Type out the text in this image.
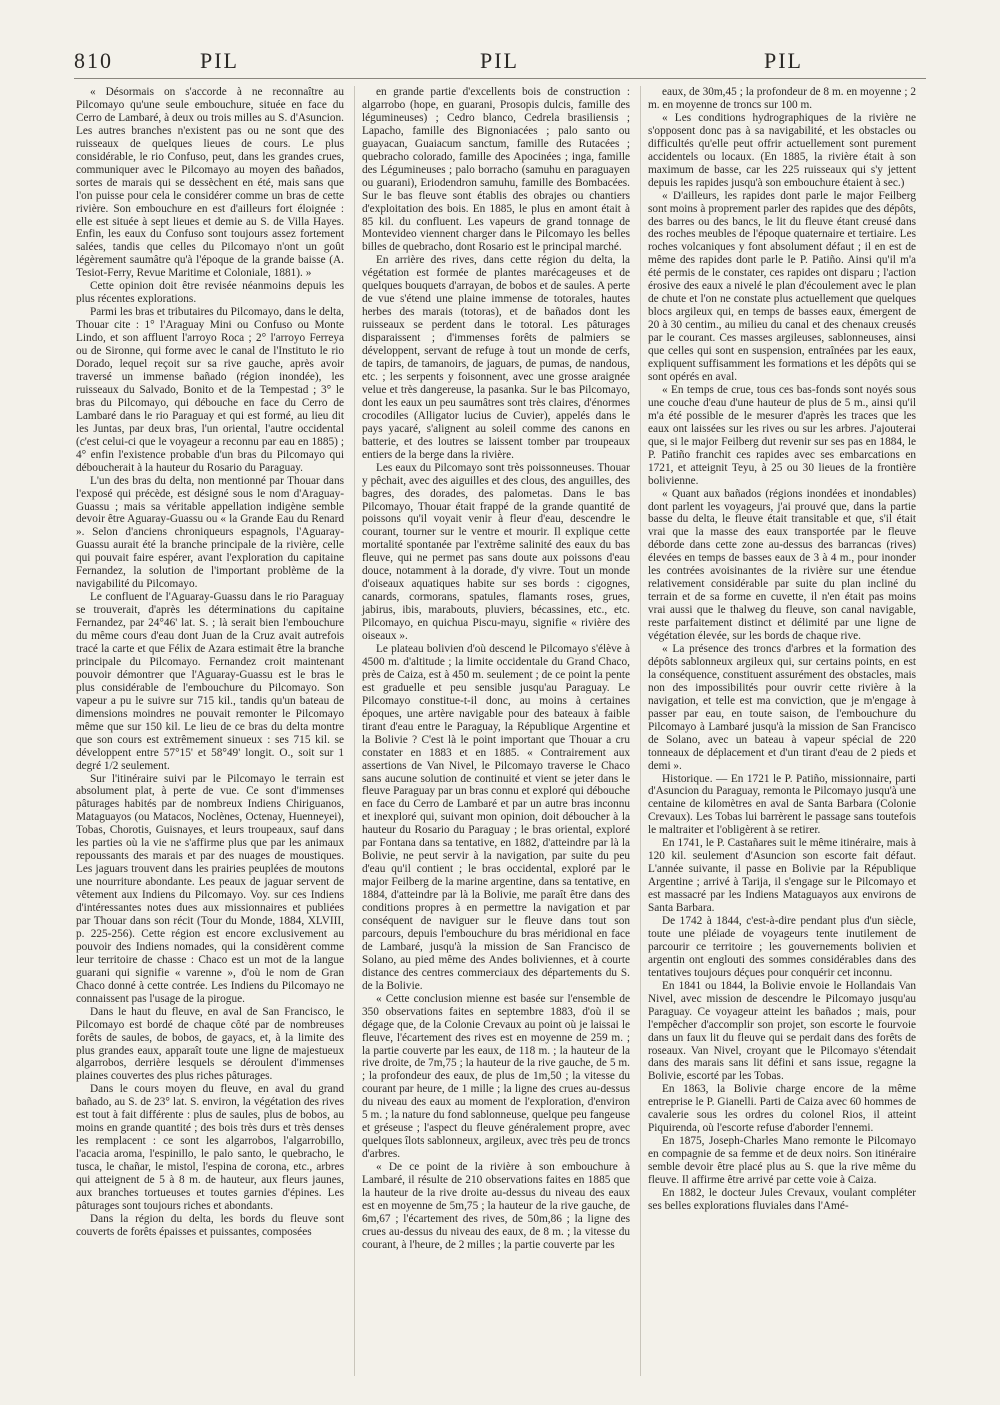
810	PIL	PIL	PIL

« Désormais on s'accorde à ne reconnaître au Pilcomayo qu'une seule embouchure, située en face du Cerro de Lambaré, à deux ou trois milles au S. d'Asuncion. Les autres branches n'existent pas ou ne sont que des ruisseaux de quelques lieues de cours. Le plus considérable, le rio Confuso, peut, dans les grandes crues, communiquer avec le Pilcomayo au moyen des bañados, sortes de marais qui se dessèchent en été, mais sans que l'on puisse pour cela le considérer comme un bras de cette rivière. Son embouchure en est d'ailleurs fort éloignée : elle est située à sept lieues et demie au S. de Villa Hayes. Enfin, les eaux du Confuso sont toujours assez fortement salées, tandis que celles du Pilcomayo n'ont un goût légèrement saumâtre qu'à l'époque de la grande baisse (A. Tesiot-Ferry, Revue Maritime et Coloniale, 1881). »

Cette opinion doit être revisée néanmoins depuis les plus récentes explorations.

Parmi les bras et tributaires du Pilcomayo, dans le delta, Thouar cite : 1° l'Araguay Mini ou Confuso ou Monte Lindo, et son affluent l'arroyo Roca ; 2° l'arroyo Ferreya ou de Sironne, qui forme avec le canal de l'Instituto le rio Dorado, lequel reçoit sur sa rive gauche, après avoir traversé un immense bañado (région inondée), les ruisseaux du Salvado, Bonito et de la Tempestad ; 3° le bras du Pilcomayo, qui débouche en face du Cerro de Lambaré dans le rio Paraguay et qui est formé, au lieu dit les Juntas, par deux bras, l'un oriental, l'autre occidental (c'est celui-ci que le voyageur a reconnu par eau en 1885) ; 4° enfin l'existence probable d'un bras du Pilcomayo qui déboucherait à la hauteur du Rosario du Paraguay.

L'un des bras du delta, non mentionné par Thouar dans l'exposé qui précède, est désigné sous le nom d'Araguay-Guassu ; mais sa véritable appellation indigène semble devoir être Aguaray-Guassu ou « la Grande Eau du Renard ». Selon d'anciens chroniqueurs espagnols, l'Aguaray-Guassu aurait été la branche principale de la rivière, celle qui pouvait faire espérer, avant l'exploration du capitaine Fernandez, la solution de l'important problème de la navigabilité du Pilcomayo.

Le confluent de l'Aguaray-Guassu dans le rio Paraguay se trouverait, d'après les déterminations du capitaine Fernandez, par 24°46' lat. S. ; là serait bien l'embouchure du même cours d'eau dont Juan de la Cruz avait autrefois tracé la carte et que Félix de Azara estimait être la branche principale du Pilcomayo. Fernandez croit maintenant pouvoir démontrer que l'Aguaray-Guassu est le bras le plus considérable de l'embouchure du Pilcomayo. Son vapeur a pu le suivre sur 715 kil., tandis qu'un bateau de dimensions moindres ne pouvait remonter le Pilcomayo même que sur 150 kil. Le lieu de ce bras du delta montre que son cours est extrêmement sinueux : ses 715 kil. se développent entre 57°15' et 58°49' longit. O., soit sur 1 degré 1/2 seulement.

Sur l'itinéraire suivi par le Pilcomayo le terrain est absolument plat, à perte de vue. Ce sont d'immenses pâturages habités par de nombreux Indiens Chiriguanos, Mataguayos (ou Matacos, Noclènes, Octenay, Huenneyei), Tobas, Chorotis, Guisnayes, et leurs troupeaux, sauf dans les parties où la vie ne s'affirme plus que par les animaux repoussants des marais et par des nuages de moustiques. Les jaguars trouvent dans les prairies peuplées de moutons une nourriture abondante. Les peaux de jaguar servent de vêtement aux Indiens du Pilcomayo. Voy. sur ces Indiens d'intéressantes notes dues aux missionnaires et publiées par Thouar dans son récit (Tour du Monde, 1884, XLVIII, p. 225-256). Cette région est encore exclusivement au pouvoir des Indiens nomades, qui la considèrent comme leur territoire de chasse : Chaco est un mot de la langue guarani qui signifie « varenne », d'où le nom de Gran Chaco donné à cette contrée. Les Indiens du Pilcomayo ne connaissent pas l'usage de la pirogue.

Dans le haut du fleuve, en aval de San Francisco, le Pilcomayo est bordé de chaque côté par de nombreuses forêts de saules, de bobos, de gayacs, et, à la limite des plus grandes eaux, apparaît toute une ligne de majestueux algarrobos, derrière lesquels se déroulent d'immenses plaines couvertes des plus riches pâturages.

Dans le cours moyen du fleuve, en aval du grand bañado, au S. de 23° lat. S. environ, la végétation des rives est tout à fait différente : plus de saules, plus de bobos, au moins en grande quantité ; des bois très durs et très denses les remplacent : ce sont les algarrobos, l'algarrobillo, l'acacia aroma, l'espinillo, le palo santo, le quebracho, le tusca, le chañar, le mistol, l'espina de corona, etc., arbres qui atteignent de 5 à 8 m. de hauteur, aux fleurs jaunes, aux branches tortueuses et toutes garnies d'épines. Les pâturages sont toujours riches et abondants.

Dans la région du delta, les bords du fleuve sont couverts de forêts épaisses et puissantes, composées

en grande partie d'excellents bois de construction : algarrobo (hope, en guarani, Prosopis dulcis, famille des légumineuses) ; Cedro blanco, Cedrela brasiliensis ; Lapacho, famille des Bignoniacées ; palo santo ou guayacan, Guaiacum sanctum, famille des Rutacées ; quebracho colorado, famille des Apocinées ; inga, famille des Légumineuses ; palo borracho (samuhu en paraguayen ou guarani), Eriodendron samuhu, famille des Bombacées. Sur le bas fleuve sont établis des obrajes ou chantiers d'exploitation des bois. En 1885, le plus en amont était à 85 kil. du confluent. Les vapeurs de grand tonnage de Montevideo viennent charger dans le Pilcomayo les belles billes de quebracho, dont Rosario est le principal marché.

En arrière des rives, dans cette région du delta, la végétation est formée de plantes marécageuses et de quelques bouquets d'arrayan, de bobos et de saules. A perte de vue s'étend une plaine immense de totorales, hautes herbes des marais (totoras), et de bañados dont les ruisseaux se perdent dans le totoral. Les pâturages disparaissent ; d'immenses forêts de palmiers se développent, servant de refuge à tout un monde de cerfs, de tapirs, de tamanoirs, de jaguars, de pumas, de nandous, etc. ; les serpents y foisonnent, avec une grosse araignée velue et très dangereuse, la pasanka. Sur le bas Pilcomayo, dont les eaux un peu saumâtres sont très claires, d'énormes crocodiles (Alligator lucius de Cuvier), appelés dans le pays yacaré, s'alignent au soleil comme des canons en batterie, et des loutres se laissent tomber par troupeaux entiers de la berge dans la rivière.

Les eaux du Pilcomayo sont très poissonneuses. Thouar y pêchait, avec des aiguilles et des clous, des anguilles, des bagres, des dorades, des palometas. Dans le bas Pilcomayo, Thouar était frappé de la grande quantité de poissons qu'il voyait venir à fleur d'eau, descendre le courant, tourner sur le ventre et mourir. Il explique cette mortalité spontanée par l'extrême salinité des eaux du bas fleuve, qui ne permet pas sans doute aux poissons d'eau douce, notamment à la dorade, d'y vivre. Tout un monde d'oiseaux aquatiques habite sur ses bords : cigognes, canards, cormorans, spatules, flamants roses, grues, jabirus, ibis, marabouts, pluviers, bécassines, etc., etc. Pilcomayo, en quichua Piscu-mayu, signifie « rivière des oiseaux ».

Le plateau bolivien d'où descend le Pilcomayo s'élève à 4500 m. d'altitude ; la limite occidentale du Grand Chaco, près de Caiza, est à 450 m. seulement ; de ce point la pente est graduelle et peu sensible jusqu'au Paraguay. Le Pilcomayo constitue-t-il donc, au moins à certaines époques, une artère navigable pour des bateaux à faible tirant d'eau entre le Paraguay, la République Argentine et la Bolivie ? C'est là le point important que Thouar a cru constater en 1883 et en 1885. « Contrairement aux assertions de Van Nivel, le Pilcomayo traverse le Chaco sans aucune solution de continuité et vient se jeter dans le fleuve Paraguay par un bras connu et exploré qui débouche en face du Cerro de Lambaré et par un autre bras inconnu et inexploré qui, suivant mon opinion, doit déboucher à la hauteur du Rosario du Paraguay ; le bras oriental, exploré par Fontana dans sa tentative, en 1882, d'atteindre par là la Bolivie, ne peut servir à la navigation, par suite du peu d'eau qu'il contient ; le bras occidental, exploré par le major Feilberg de la marine argentine, dans sa tentative, en 1884, d'atteindre par là la Bolivie, me paraît être dans des conditions propres à en permettre la navigation et par conséquent de naviguer sur le fleuve dans tout son parcours, depuis l'embouchure du bras méridional en face de Lambaré, jusqu'à la mission de San Francisco de Solano, au pied même des Andes boliviennes, et à courte distance des centres commerciaux des départements du S. de la Bolivie.

« Cette conclusion mienne est basée sur l'ensemble de 350 observations faites en septembre 1883, d'où il se dégage que, de la Colonie Crevaux au point où je laissai le fleuve, l'écartement des rives est en moyenne de 259 m. ; la partie couverte par les eaux, de 118 m. ; la hauteur de la rive droite, de 7m,75 ; la hauteur de la rive gauche, de 5 m. ; la profondeur des eaux, de plus de 1m,50 ; la vitesse du courant par heure, de 1 mille ; la ligne des crues au-dessus du niveau des eaux au moment de l'exploration, d'environ 5 m. ; la nature du fond sablonneuse, quelque peu fangeuse et gréseuse ; l'aspect du fleuve généralement propre, avec quelques îlots sablonneux, argileux, avec très peu de troncs d'arbres.

« De ce point de la rivière à son embouchure à Lambaré, il résulte de 210 observations faites en 1885 que la hauteur de la rive droite au-dessus du niveau des eaux est en moyenne de 5m,75 ; la hauteur de la rive gauche, de 6m,67 ; l'écartement des rives, de 50m,86 ; la ligne des crues au-dessus du niveau des eaux, de 8 m. ; la vitesse du courant, à l'heure, de 2 milles ; la partie couverte par les

eaux, de 30m,45 ; la profondeur de 8 m. en moyenne ; 2 m. en moyenne de troncs sur 100 m.

« Les conditions hydrographiques de la rivière ne s'opposent donc pas à sa navigabilité, et les obstacles ou difficultés qu'elle peut offrir actuellement sont purement accidentels ou locaux. (En 1885, la rivière était à son maximum de basse, car les 225 ruisseaux qui s'y jettent depuis les rapides jusqu'à son embouchure étaient à sec.)

« D'ailleurs, les rapides dont parle le major Feilberg sont moins à proprement parler des rapides que des dépôts, des barres ou des bancs, le lit du fleuve étant creusé dans des roches meubles de l'époque quaternaire et tertiaire. Les roches volcaniques y font absolument défaut ; il en est de même des rapides dont parle le P. Patiño. Ainsi qu'il m'a été permis de le constater, ces rapides ont disparu ; l'action érosive des eaux a nivelé le plan d'écoulement avec le plan de chute et l'on ne constate plus actuellement que quelques blocs argileux qui, en temps de basses eaux, émergent de 20 à 30 centim., au milieu du canal et des chenaux creusés par le courant. Ces masses argileuses, sablonneuses, ainsi que celles qui sont en suspension, entraînées par les eaux, expliquent suffisamment les formations et les dépôts qui se sont opérés en aval.

« En temps de crue, tous ces bas-fonds sont noyés sous une couche d'eau d'une hauteur de plus de 5 m., ainsi qu'il m'a été possible de le mesurer d'après les traces que les eaux ont laissées sur les rives ou sur les arbres. J'ajouterai que, si le major Feilberg dut revenir sur ses pas en 1884, le P. Patiño franchit ces rapides avec ses embarcations en 1721, et atteignit Teyu, à 25 ou 30 lieues de la frontière bolivienne.

« Quant aux bañados (régions inondées et inondables) dont parlent les voyageurs, j'ai prouvé que, dans la partie basse du delta, le fleuve était transitable et que, s'il était vrai que la masse des eaux transportée par le fleuve déborde dans cette zone au-dessus des barrancas (rives) élevées en temps de basses eaux de 3 à 4 m., pour inonder les contrées avoisinantes de la rivière sur une étendue relativement considérable par suite du plan incliné du terrain et de sa forme en cuvette, il n'en était pas moins vrai aussi que le thalweg du fleuve, son canal navigable, reste parfaitement distinct et délimité par une ligne de végétation élevée, sur les bords de chaque rive.

« La présence des troncs d'arbres et la formation des dépôts sablonneux argileux qui, sur certains points, en est la conséquence, constituent assurément des obstacles, mais non des impossibilités pour ouvrir cette rivière à la navigation, et telle est ma conviction, que je m'engage à passer par eau, en toute saison, de l'embouchure du Pilcomayo à Lambaré jusqu'à la mission de San Francisco de Solano, avec un bateau à vapeur spécial de 220 tonneaux de déplacement et d'un tirant d'eau de 2 pieds et demi ».

Historique. — En 1721 le P. Patiño, missionnaire, parti d'Asuncion du Paraguay, remonta le Pilcomayo jusqu'à une centaine de kilomètres en aval de Santa Barbara (Colonie Crevaux). Les Tobas lui barrèrent le passage sans toutefois le maltraiter et l'obligèrent à se retirer.

En 1741, le P. Castañares suit le même itinéraire, mais à 120 kil. seulement d'Asuncion son escorte fait défaut. L'année suivante, il passe en Bolivie par la République Argentine ; arrivé à Tarija, il s'engage sur le Pilcomayo et est massacré par les Indiens Mataguayos aux environs de Santa Barbara.

De 1742 à 1844, c'est-à-dire pendant plus d'un siècle, toute une pléiade de voyageurs tente inutilement de parcourir ce territoire ; les gouvernements bolivien et argentin ont englouti des sommes considérables dans des tentatives toujours déçues pour conquérir cet inconnu.

En 1841 ou 1844, la Bolivie envoie le Hollandais Van Nivel, avec mission de descendre le Pilcomayo jusqu'au Paraguay. Ce voyageur atteint les bañados ; mais, pour l'empêcher d'accomplir son projet, son escorte le fourvoie dans un faux lit du fleuve qui se perdait dans des forêts de roseaux. Van Nivel, croyant que le Pilcomayo s'étendait dans des marais sans lit défini et sans issue, regagne la Bolivie, escorté par les Tobas.

En 1863, la Bolivie charge encore de la même entreprise le P. Gianelli. Parti de Caiza avec 60 hommes de cavalerie sous les ordres du colonel Rios, il atteint Piquirenda, où l'escorte refuse d'aborder l'ennemi.

En 1875, Joseph-Charles Mano remonte le Pilcomayo en compagnie de sa femme et de deux noirs. Son itinéraire semble devoir être placé plus au S. que la rive même du fleuve. Il affirme être arrivé par cette voie à Caiza.

En 1882, le docteur Jules Crevaux, voulant compléter ses belles explorations fluviales dans l'Amé-
